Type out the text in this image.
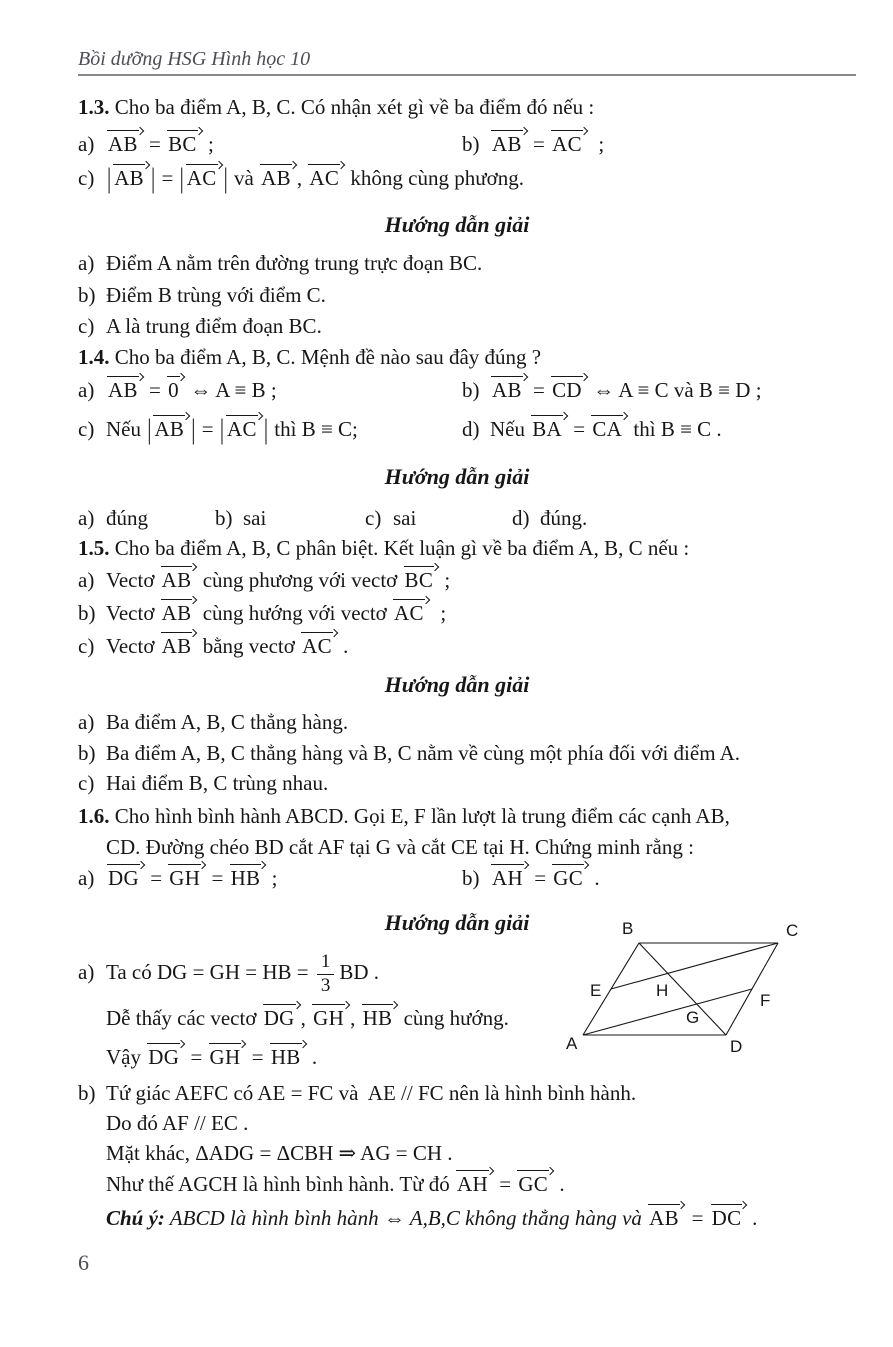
Bồi dưỡng HSG Hình học 10
1.3. Cho ba điểm A, B, C. Có nhận xét gì về ba điểm đó nếu :
a) AB = BC ;	b) AB = AC  ;
c) | AB | = | AC | và AB , AC không cùng phương.
Hướng dẫn giải
a) Điểm A nằm trên đường trung trực đoạn BC.
b) Điểm B trùng với điểm C.
c) A là trung điểm đoạn BC.
1.4. Cho ba điểm A, B, C. Mệnh đề nào sau đây đúng ?
a) AB = 0 ⇔ A ≡ B ;	b) AB = CD ⇔ A ≡ C và B ≡ D ;
c) Nếu | AB | = | AC | thì B ≡ C;	d) Nếu BA = CA thì B ≡ C .
Hướng dẫn giải
a) đúng	b) sai	c) sai	d) đúng.
1.5. Cho ba điểm A, B, C phân biệt. Kết luận gì về ba điểm A, B, C nếu :
a) Vectơ AB cùng phương với vectơ BC ;
b) Vectơ AB cùng hướng với vectơ AC  ;
c) Vectơ AB bằng vectơ AC .
Hướng dẫn giải
a) Ba điểm A, B, C thẳng hàng.
b) Ba điểm A, B, C thẳng hàng và B, C nằm về cùng một phía đối với điểm A.
c) Hai điểm B, C trùng nhau.
1.6. Cho hình bình hành ABCD. Gọi E, F lần lượt là trung điểm các cạnh AB,
CD. Đường chéo BD cắt AF tại G và cắt CE tại H. Chứng minh rằng :
a) DG = GH = HB ;	b) AH = GC .
Hướng dẫn giải
a) Ta có DG = GH = HB = $\frac{1}{3}$ BD .
Dễ thấy các vectơ DG , GH , HB cùng hướng.
Vậy DG = GH = HB .
b) Tứ giác AEFC có AE = FC và  AE // FC nên là hình bình hành.
Do đó AF // EC .
Mặt khác, ΔADG = ΔCBH ⇒ AG = CH .
Như thế AGCH là hình bình hành. Từ đó AH = GC .
Chú ý: ABCD là hình bình hành ⇔ A,B,C không thẳng hàng và AB = DC .
A
B	C
D
E
F
H
G
6
